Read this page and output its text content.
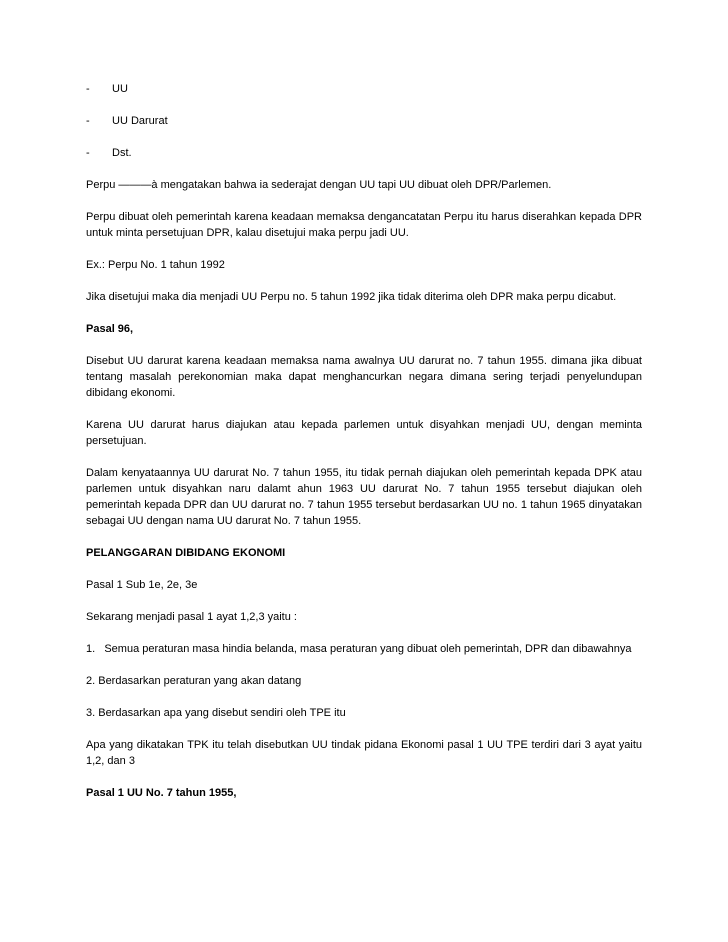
-	UU
-	UU Darurat
-	Dst.

Perpu ———à mengatakan bahwa ia sederajat dengan UU tapi UU dibuat oleh DPR/Parlemen.

Perpu dibuat oleh pemerintah karena keadaan memaksa dengancatatan Perpu itu harus diserahkan kepada DPR untuk minta persetujuan DPR, kalau disetujui maka perpu jadi UU.

Ex.: Perpu No. 1 tahun 1992

Jika disetujui maka dia menjadi UU Perpu no. 5 tahun 1992 jika tidak diterima oleh DPR maka perpu dicabut.

Pasal 96,

Disebut UU darurat karena keadaan memaksa nama awalnya UU darurat no. 7 tahun 1955. dimana jika dibuat tentang masalah perekonomian maka dapat menghancurkan negara dimana sering terjadi penyelundupan dibidang ekonomi.

Karena UU darurat harus diajukan atau kepada parlemen untuk disyahkan menjadi UU, dengan meminta persetujuan.

Dalam kenyataannya UU darurat No. 7 tahun 1955, itu tidak pernah diajukan oleh pemerintah kepada DPK atau parlemen untuk disyahkan naru dalamt ahun 1963 UU darurat No. 7 tahun 1955 tersebut diajukan oleh pemerintah kepada DPR dan UU darurat no. 7 tahun 1955 tersebut berdasarkan UU no. 1 tahun 1965 dinyatakan sebagai UU dengan nama UU darurat No. 7 tahun 1955.

PELANGGARAN DIBIDANG EKONOMI

Pasal 1 Sub 1e, 2e, 3e

Sekarang menjadi pasal 1 ayat 1,2,3 yaitu :

1.   Semua peraturan masa hindia belanda, masa peraturan yang dibuat oleh pemerintah, DPR dan dibawahnya

2. Berdasarkan peraturan yang akan datang

3. Berdasarkan apa yang disebut sendiri oleh TPE itu

Apa yang dikatakan TPK itu telah disebutkan UU tindak pidana Ekonomi pasal 1 UU TPE terdiri dari 3 ayat yaitu 1,2, dan 3

Pasal 1 UU No. 7 tahun 1955,
